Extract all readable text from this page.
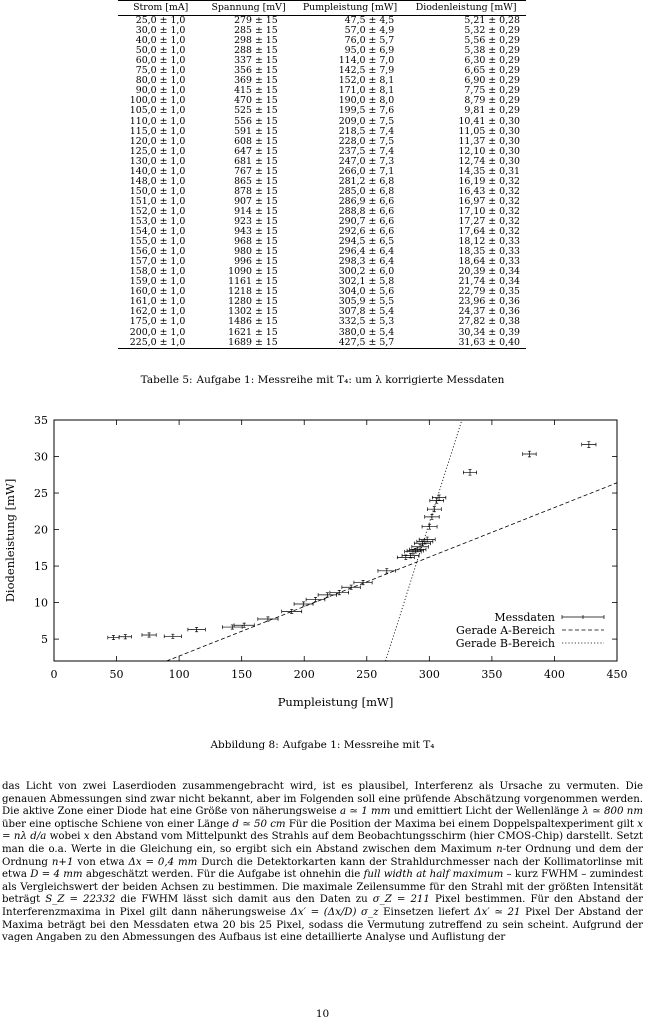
Strom [mA]	Spannung [mV]	Pumpleistung [mW]	Diodenleistung [mW]
25,0 ± 1,0	279 ± 15	47,5 ± 4,5	5,21 ± 0,28
30,0 ± 1,0	285 ± 15	57,0 ± 4,9	5,32 ± 0,29
40,0 ± 1,0	298 ± 15	76,0 ± 5,7	5,56 ± 0,29
50,0 ± 1,0	288 ± 15	95,0 ± 6,9	5,38 ± 0,29
60,0 ± 1,0	337 ± 15	114,0 ± 7,0	6,30 ± 0,29
75,0 ± 1,0	356 ± 15	142,5 ± 7,9	6,65 ± 0,29
80,0 ± 1,0	369 ± 15	152,0 ± 8,1	6,90 ± 0,29
90,0 ± 1,0	415 ± 15	171,0 ± 8,1	7,75 ± 0,29
100,0 ± 1,0	470 ± 15	190,0 ± 8,0	8,79 ± 0,29
105,0 ± 1,0	525 ± 15	199,5 ± 7,6	9,81 ± 0,29
110,0 ± 1,0	556 ± 15	209,0 ± 7,5	10,41 ± 0,30
115,0 ± 1,0	591 ± 15	218,5 ± 7,4	11,05 ± 0,30
120,0 ± 1,0	608 ± 15	228,0 ± 7,5	11,37 ± 0,30
125,0 ± 1,0	647 ± 15	237,5 ± 7,4	12,10 ± 0,30
130,0 ± 1,0	681 ± 15	247,0 ± 7,3	12,74 ± 0,30
140,0 ± 1,0	767 ± 15	266,0 ± 7,1	14,35 ± 0,31
148,0 ± 1,0	865 ± 15	281,2 ± 6,8	16,19 ± 0,32
150,0 ± 1,0	878 ± 15	285,0 ± 6,8	16,43 ± 0,32
151,0 ± 1,0	907 ± 15	286,9 ± 6,6	16,97 ± 0,32
152,0 ± 1,0	914 ± 15	288,8 ± 6,6	17,10 ± 0,32
153,0 ± 1,0	923 ± 15	290,7 ± 6,6	17,27 ± 0,32
154,0 ± 1,0	943 ± 15	292,6 ± 6,6	17,64 ± 0,32
155,0 ± 1,0	968 ± 15	294,5 ± 6,5	18,12 ± 0,33
156,0 ± 1,0	980 ± 15	296,4 ± 6,4	18,35 ± 0,33
157,0 ± 1,0	996 ± 15	298,3 ± 6,4	18,64 ± 0,33
158,0 ± 1,0	1090 ± 15	300,2 ± 6,0	20,39 ± 0,34
159,0 ± 1,0	1161 ± 15	302,1 ± 5,8	21,74 ± 0,34
160,0 ± 1,0	1218 ± 15	304,0 ± 5,6	22,79 ± 0,35
161,0 ± 1,0	1280 ± 15	305,9 ± 5,5	23,96 ± 0,36
162,0 ± 1,0	1302 ± 15	307,8 ± 5,4	24,37 ± 0,36
175,0 ± 1,0	1486 ± 15	332,5 ± 5,3	27,82 ± 0,38
200,0 ± 1,0	1621 ± 15	380,0 ± 5,4	30,34 ± 0,39
225,0 ± 1,0	1689 ± 15	427,5 ± 5,7	31,63 ± 0,40
Tabelle 5: Aufgabe 1: Messreihe mit T₄: um λ korrigierte Messdaten
0	50	100	150	200	250	300	350	400	450
5
10
15
20
25
30
35
Pumpleistung [mW]
Diodenleistung [mW]
Messdaten
Gerade A-Bereich
Gerade B-Bereich
Abbildung 8: Aufgabe 1: Messreihe mit T₄
das Licht von zwei Laserdioden zusammengebracht wird, ist es plausibel, Interferenz als Ursache zu vermuten. Die genauen Abmessungen sind zwar nicht bekannt, aber im Folgenden soll eine prüfende Abschätzung vorgenommen werden. Die aktive Zone einer Diode hat eine Größe von näherungsweise a ≃ 1 mm und emittiert Licht der Wellenlänge λ ≃ 800 nm über eine optische Schiene von einer Länge d ≃ 50 cm Für die Position der Maxima bei einem Doppelspaltexperiment gilt x = nλ d/a wobei x den Abstand vom Mittelpunkt des Strahls auf dem Beobachtungsschirm (hier CMOS-Chip) darstellt. Setzt man die o.a. Werte in die Gleichung ein, so ergibt sich ein Abstand zwischen dem Maximum n-ter Ordnung und dem der Ordnung n+1 von etwa Δx = 0,4 mm Durch die Detektorkarten kann der Strahldurchmesser nach der Kollimatorlinse mit etwa D = 4 mm abgeschätzt werden. Für die Aufgabe ist ohnehin die full width at half maximum – kurz FWHM – zumindest als Vergleichswert der beiden Achsen zu bestimmen. Die maximale Zeilensumme für den Strahl mit der größten Intensität beträgt S_Z = 22332 die FWHM lässt sich damit aus den Daten zu σ_Z = 211 Pixel bestimmen. Für den Abstand der Interferenzmaxima in Pixel gilt dann näherungsweise Δx′ = (Δx/D) σ_z Einsetzen liefert Δx′ ≃ 21 Pixel Der Abstand der Maxima beträgt bei den Messdaten etwa 20 bis 25 Pixel, sodass die Vermutung zutreffend zu sein scheint. Aufgrund der vagen Angaben zu den Abmessungen des Aufbaus ist eine detaillierte Analyse und Auflistung der
10
